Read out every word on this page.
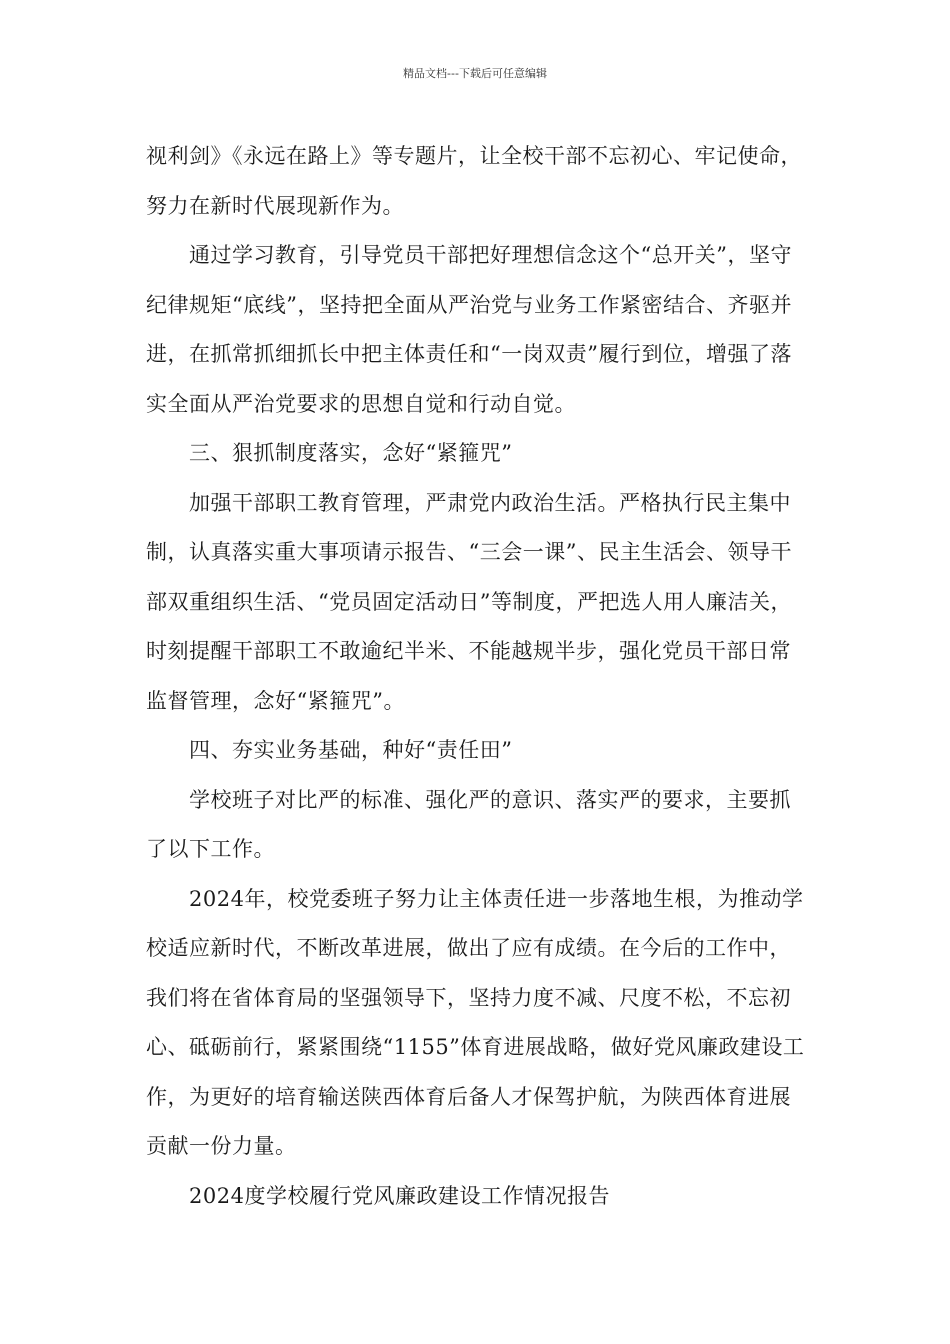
精品文档---下载后可任意编辑

视利剑》《永远在路上》等专题片，让全校干部不忘初心、牢记使命，努力在新时代展现新作为。

通过学习教育，引导党员干部把好理想信念这个“总开关”，坚守纪律规矩“底线”，坚持把全面从严治党与业务工作紧密结合、齐驱并进，在抓常抓细抓长中把主体责任和“一岗双责”履行到位，增强了落实全面从严治党要求的思想自觉和行动自觉。

三、狠抓制度落实，念好“紧箍咒”

加强干部职工教育管理，严肃党内政治生活。严格执行民主集中制，认真落实重大事项请示报告、“三会一课”、民主生活会、领导干部双重组织生活、“党员固定活动日”等制度，严把选人用人廉洁关，时刻提醒干部职工不敢逾纪半米、不能越规半步，强化党员干部日常监督管理，念好“紧箍咒”。

四、夯实业务基础，种好“责任田”

学校班子对比严的标准、强化严的意识、落实严的要求，主要抓了以下工作。

2024年，校党委班子努力让主体责任进一步落地生根，为推动学校适应新时代，不断改革进展，做出了应有成绩。在今后的工作中，我们将在省体育局的坚强领导下，坚持力度不减、尺度不松，不忘初心、砥砺前行，紧紧围绕“1155”体育进展战略，做好党风廉政建设工作，为更好的培育输送陕西体育后备人才保驾护航，为陕西体育进展贡献一份力量。

2024度学校履行党风廉政建设工作情况报告
